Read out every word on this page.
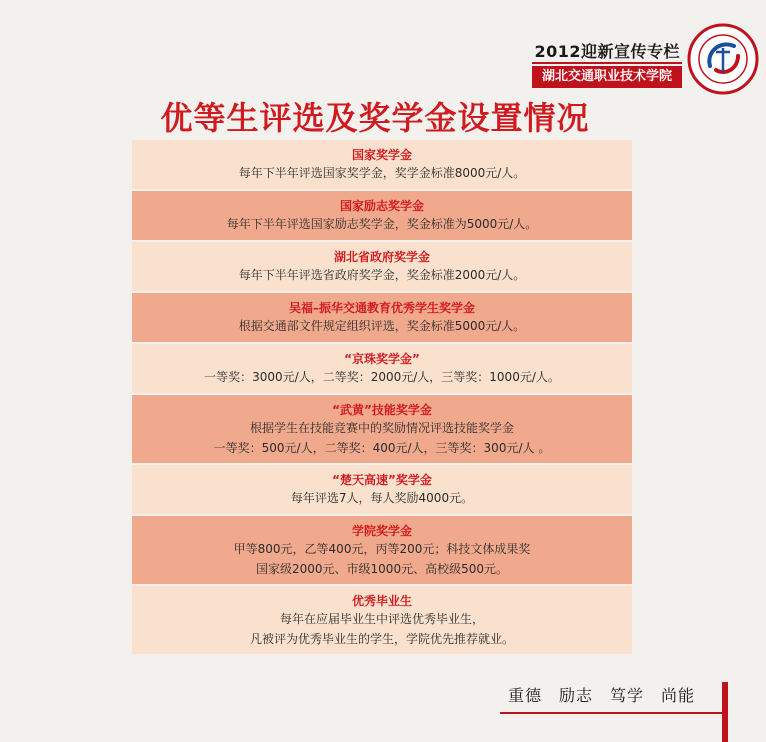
2012迎新宣传专栏
湖北交通职业技术学院
优等生评选及奖学金设置情况
国家奖学金
每年下半年评选国家奖学金，奖学金标准8000元/人。
国家励志奖学金
每年下半年评选国家励志奖学金，奖金标准为5000元/人。
湖北省政府奖学金
每年下半年评选省政府奖学金，奖金标准2000元/人。
吴福–振华交通教育优秀学生奖学金
根据交通部文件规定组织评选，奖金标准5000元/人。
“京珠奖学金”
一等奖：3000元/人，二等奖：2000元/人，三等奖：1000元/人。
“武黄”技能奖学金
根据学生在技能竞赛中的奖励情况评选技能奖学金
一等奖：500元/人，二等奖：400元/人，三等奖：300元/人 。
“楚天高速”奖学金
每年评选7人，每人奖励4000元。
学院奖学金
甲等800元，乙等400元，丙等200元；科技文体成果奖
国家级2000元、市级1000元、高校级500元。
优秀毕业生
每年在应届毕业生中评选优秀毕业生，
凡被评为优秀毕业生的学生，学院优先推荐就业。
重德　励志　笃学　尚能
